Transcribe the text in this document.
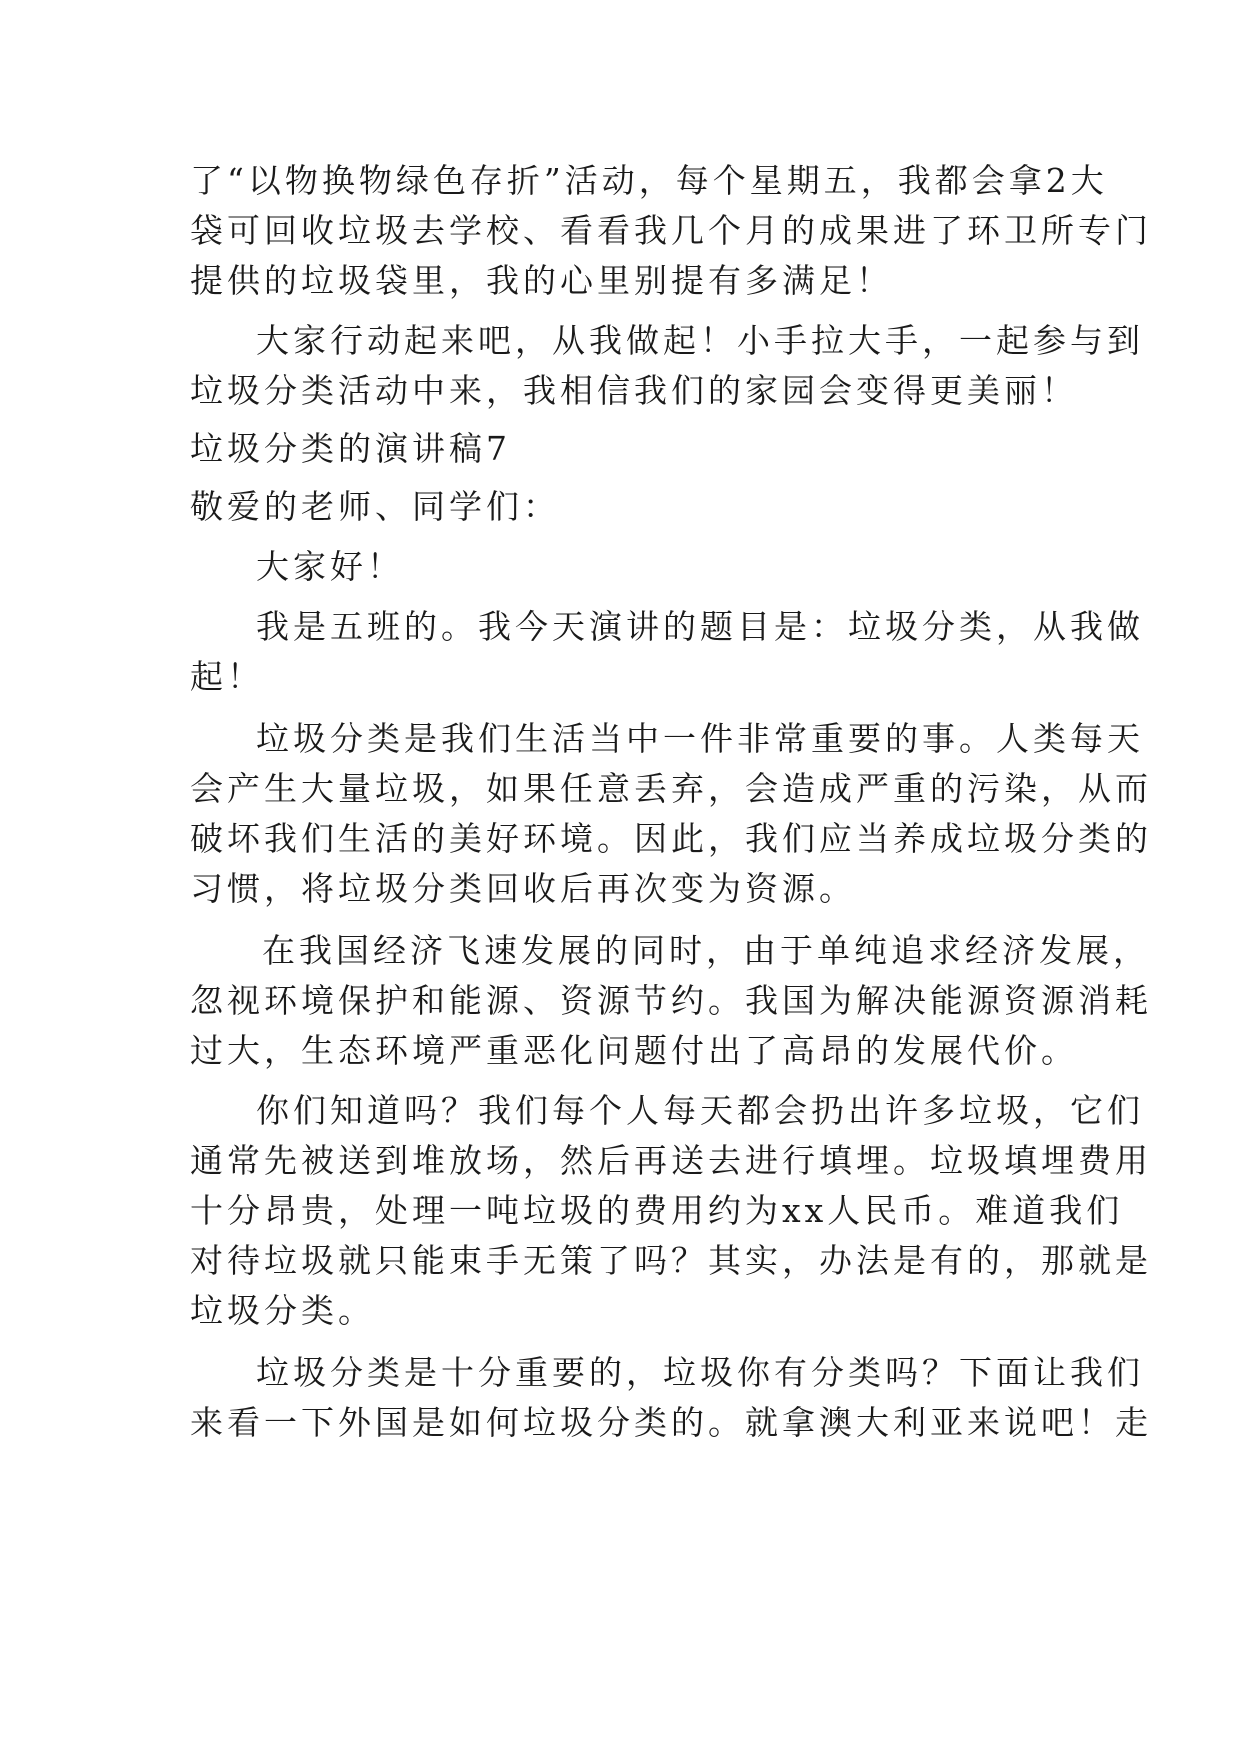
了“以物换物绿色存折”活动，每个星期五，我都会拿2大
袋可回收垃圾去学校、看看我几个月的成果进了环卫所专门
提供的垃圾袋里，我的心里别提有多满足！
大家行动起来吧，从我做起！小手拉大手，一起参与到
垃圾分类活动中来，我相信我们的家园会变得更美丽！
垃圾分类的演讲稿7
敬爱的老师、同学们：
大家好！
我是五班的。我今天演讲的题目是：垃圾分类，从我做
起！
垃圾分类是我们生活当中一件非常重要的事。人类每天
会产生大量垃圾，如果任意丢弃，会造成严重的污染，从而
破坏我们生活的美好环境。因此，我们应当养成垃圾分类的
习惯，将垃圾分类回收后再次变为资源。
在我国经济飞速发展的同时，由于单纯追求经济发展，
忽视环境保护和能源、资源节约。我国为解决能源资源消耗
过大，生态环境严重恶化问题付出了高昂的发展代价。
你们知道吗？我们每个人每天都会扔出许多垃圾，它们
通常先被送到堆放场，然后再送去进行填埋。垃圾填埋费用
十分昂贵，处理一吨垃圾的费用约为xx人民币。难道我们
对待垃圾就只能束手无策了吗？其实，办法是有的，那就是
垃圾分类。
垃圾分类是十分重要的，垃圾你有分类吗？下面让我们
来看一下外国是如何垃圾分类的。就拿澳大利亚来说吧！走
